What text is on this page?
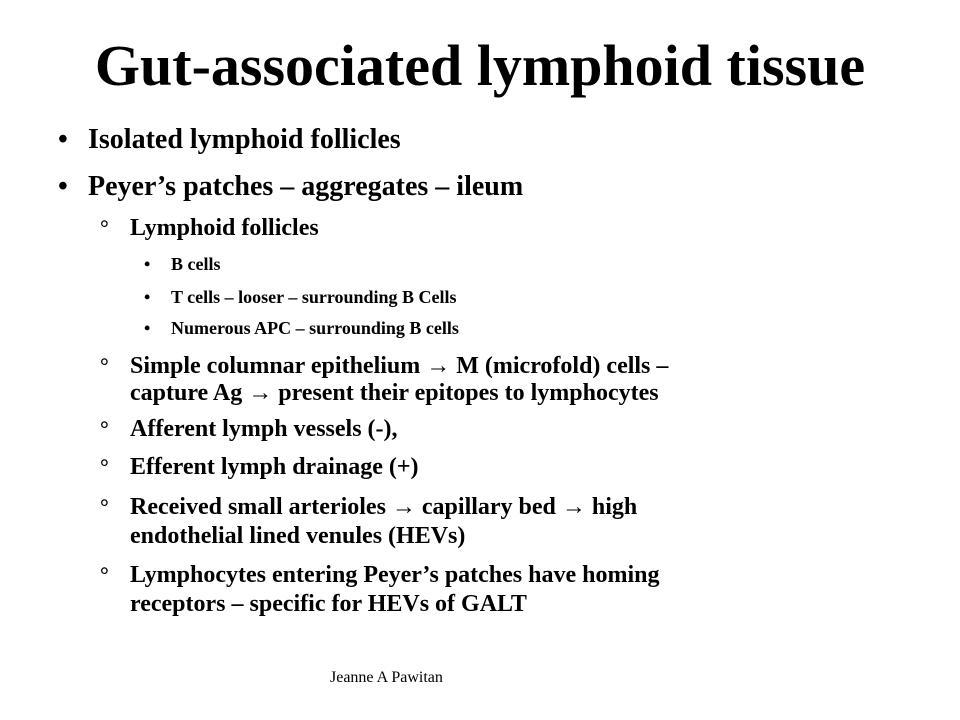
Gut-associated lymphoid tissue
• Isolated lymphoid follicles
• Peyer’s patches – aggregates – ileum
° Lymphoid follicles
• B cells
• T cells – looser – surrounding B Cells
• Numerous APC – surrounding B cells
° Simple columnar epithelium → M (microfold) cells –
capture Ag → present their epitopes to lymphocytes
° Afferent lymph vessels (-),
° Efferent lymph drainage (+)
° Received small arterioles → capillary bed → high
endothelial lined venules (HEVs)
° Lymphocytes entering Peyer’s patches have homing
receptors – specific for HEVs of GALT
Jeanne A Pawitan
